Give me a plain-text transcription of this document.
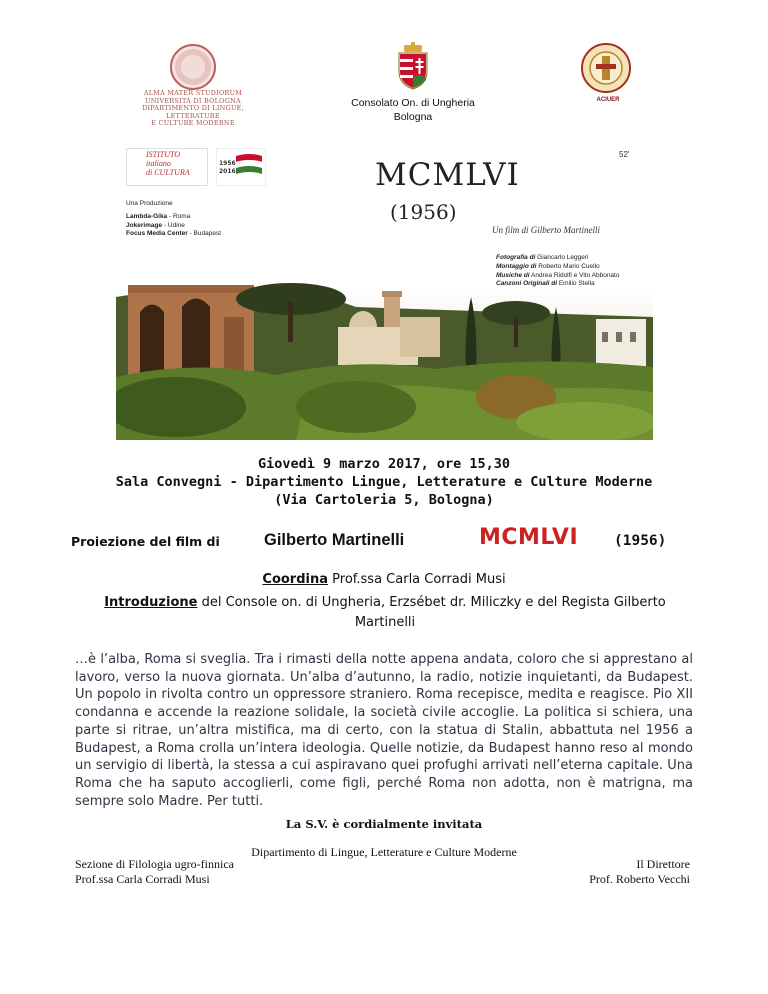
ALMA MATER STUDIORUM
UNIVERSITÀ DI BOLOGNA
DIPARTIMENTO DI LINGUE, LETTERATURE
E CULTURE MODERNE
Consolato On. di Ungheria
Bologna
ACIUER
ISTITUTO
italiano
di CULTURA
1956
2016
Una Produzione
Lambda-Gika - Roma
Jokerimage - Udine
Focus Media Center - Budapest
MCMLVI
(1956)
52'
Un film di Gilberto Martinelli
Fotografia di Giancarlo Leggeri
Montaggio di Roberto Mario Cuello
Musiche di Andrea Ridolfi e Vito Abbonato
Canzoni Originali di Emilio Stella
Giovedì 9 marzo 2017, ore 15,30
Sala Convegni - Dipartimento Lingue, Letterature e Culture Moderne
(Via Cartoleria 5, Bologna)
Proiezione del film di	Gilberto Martinelli	MCMLVI (1956)
Coordina Prof.ssa Carla Corradi Musi
Introduzione del Console on. di Ungheria, Erzsébet dr. Miliczky e del Regista Gilberto Martinelli
…è l’alba, Roma si sveglia. Tra i rimasti della notte appena andata, coloro che si apprestano al lavoro, verso la nuova giornata. Un’alba d’autunno, la radio, notizie inquietanti, da Budapest. Un popolo in rivolta contro un oppressore straniero. Roma recepisce, medita e reagisce. Pio XII condanna e accende la reazione solidale, la società civile accoglie. La politica si schiera, una parte si ritrae, un’altra mistifica, ma di certo, con la statua di Stalin, abbattuta nel 1956 a Budapest, a Roma crolla un’intera ideologia. Quelle notizie, da Budapest hanno reso al mondo un servigio di libertà, la stessa a cui aspiravano quei profughi arrivati nell’eterna capitale. Una Roma che ha saputo accoglierli, come figli, perché Roma non adotta, non è matrigna, ma sempre solo Madre. Per tutti.
La S.V. è cordialmente invitata
Dipartimento di Lingue, Letterature e Culture Moderne
Sezione di Filologia ugro-finnica
Prof.ssa Carla Corradi Musi
Il Direttore
Prof. Roberto Vecchi
